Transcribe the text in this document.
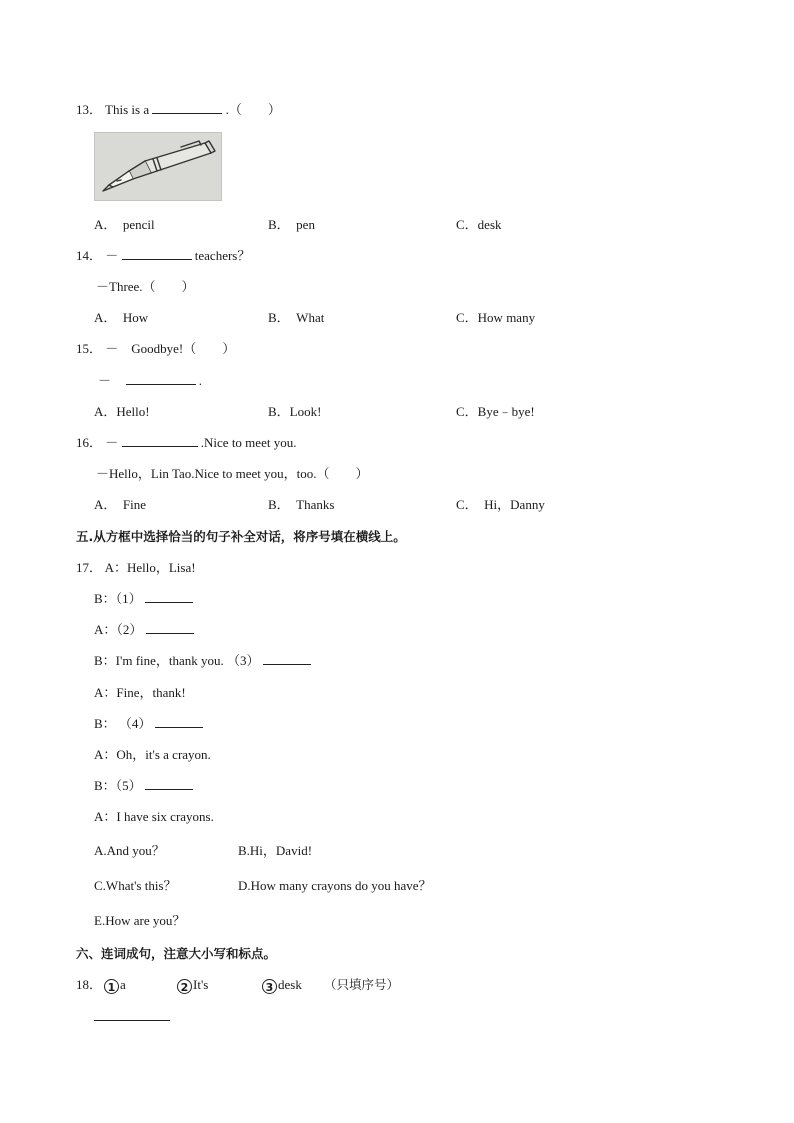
13． This is a	.（　　）
A．　pencil	B．　pen	C．desk
14． －	teachers？
－Three.（　　）
A．　How	B．　What	C．How many
15． －　Goodbye!（　　）
－	.
A．Hello!	B．Look!	C．Bye﹣bye!
16． －	.Nice to meet you.
－Hello，Lin Tao.Nice to meet you，too.（　　）
A．　Fine	B．　Thanks	C．　Hi，Danny
五.从方框中选择恰当的句子补全对话，将序号填在横线上。
17． A：Hello，Lisa!
B：（1）
A：（2）
B：I'm fine，thank you. （3）
A：Fine，thank!
B： （4）
A：Oh，it's a crayon.
B：（5）
A：I have six crayons.
A.And you？	B.Hi，David!
C.What's this？	D.How many crayons do you have？
E.How are you？
六、连词成句，注意大小写和标点。
18． 1 a	2 It's	3 desk （只填序号）
